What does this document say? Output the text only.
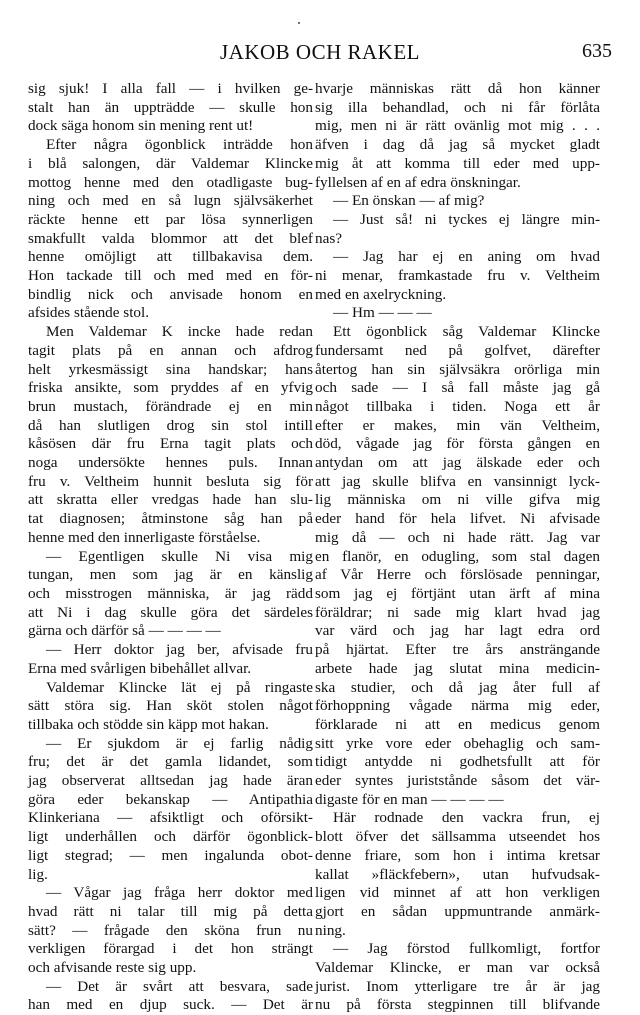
JAKOB OCH RAKEL	635
sig sjuk! I alla fall — i hvilken ge-
stalt han än uppträdde — skulle hon
dock säga honom sin mening rent ut!
Efter några ögonblick inträdde hon
i blå salongen, där Valdemar Klincke
mottog henne med den otadligaste bug-
ning och med en så lugn självsäkerhet
räckte henne ett par lösa synnerligen
smakfullt valda blommor att det blef
henne omöjligt att tillbakavisa dem.
Hon tackade till och med med en för-
bindlig nick och anvisade honom en
afsides stående stol.
Men Valdemar K incke hade redan
tagit plats på en annan och afdrog
helt yrkesmässigt sina handskar; hans
friska ansikte, som pryddes af en yfvig
brun mustach, förändrade ej en min
då han slutligen drog sin stol intill
kåsösen där fru Erna tagit plats och
noga undersökte hennes puls. Innan
fru v. Veltheim hunnit besluta sig för
att skratta eller vredgas hade han slu-
tat diagnosen; åtminstone såg han på
henne med den innerligaste förståelse.
— Egentligen skulle Ni visa mig
tungan, men som jag är en känslig
och misstrogen människa, är jag rädd
att Ni i dag skulle göra det särdeles
gärna och därför så — — — —
— Herr doktor jag ber, afvisade fru
Erna med svårligen bibehållet allvar.
Valdemar Klincke lät ej på ringaste
sätt störa sig. Han sköt stolen något
tillbaka och stödde sin käpp mot hakan.
— Er sjukdom är ej farlig nådig
fru; det är det gamla lidandet, som
jag observerat alltsedan jag hade äran
göra eder bekanskap — Antipathia
Klinkeriana — afsiktligt och oförsikt-
ligt underhållen och därför ögonblick-
ligt stegrad; — men ingalunda obot-
lig.
— Vågar jag fråga herr doktor med
hvad rätt ni talar till mig på detta
sätt? — frågade den sköna frun nu
verkligen förargad i det hon strängt
och afvisande reste sig upp.
— Det är svårt att besvara, sade
han med en djup suck. — Det är
hvarje människas rätt då hon känner
sig illa behandlad, och ni får förlåta
mig, men ni är rätt ovänlig mot mig . . .
äfven i dag då jag så mycket gladt
mig åt att komma till eder med upp-
fyllelsen af en af edra önskningar.
— En önskan — af mig?
— Just så! ni tyckes ej längre min-
nas?
— Jag har ej en aning om hvad
ni menar, framkastade fru v. Veltheim
med en axelryckning.
— Hm — — —
Ett ögonblick såg Valdemar Klincke
fundersamt ned på golfvet, därefter
återtog han sin självsäkra orörliga min
och sade — I så fall måste jag gå
något tillbaka i tiden. Noga ett år
efter er makes, min vän Veltheim,
död, vågade jag för första gången en
antydan om att jag älskade eder och
att jag skulle blifva en vansinnigt lyck-
lig människa om ni ville gifva mig
eder hand för hela lifvet. Ni afvisade
mig då — och ni hade rätt. Jag var
en flanör, en odugling, som stal dagen
af Vår Herre och förslösade penningar,
som jag ej förtjänt utan ärft af mina
föräldrar; ni sade mig klart hvad jag
var värd och jag har lagt edra ord
på hjärtat. Efter tre års ansträngande
arbete hade jag slutat mina medicin-
ska studier, och då jag åter full af
förhoppning vågade närma mig eder,
förklarade ni att en medicus genom
sitt yrke vore eder obehaglig och sam-
tidigt antydde ni godhetsfullt att för
eder syntes juriststånde såsom det vär-
digaste för en man — — — —
Här rodnade den vackra frun, ej
blott öfver det sällsamma utseendet hos
denne friare, som hon i intima kretsar
kallat »fläckfebern», utan hufvudsak-
ligen vid minnet af att hon verkligen
gjort en sådan uppmuntrande anmärk-
ning.
— Jag förstod fullkomligt, fortfor
Valdemar Klincke, er man var också
jurist. Inom ytterligare tre år är jag
nu på första stegpinnen till blifvande
